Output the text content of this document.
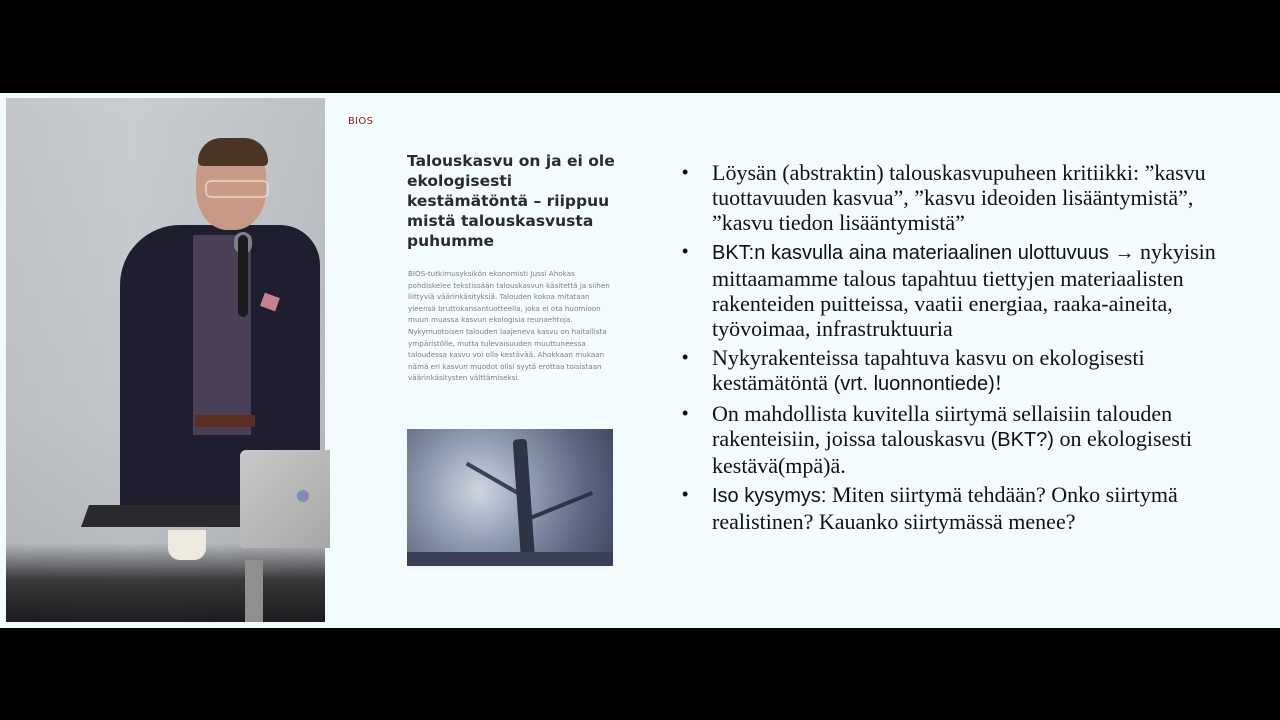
BIOS
Talouskasvu on ja ei ole ekologisesti kestämätöntä – riippuu mistä talouskasvusta puhumme
BIOS-tutkimusyksikön ekonomisti Jussi Ahokas pohdiskelee tekstissään talouskasvun käsitettä ja siihen liittyviä väärinkäsityksiä. Talouden kokoa mitataan yleensä bruttokansantuotteella, joka ei ota huomioon muun muassa kasvun ekologisia reunaehtoja. Nykymuotoisen talouden laajeneva kasvu on haitallista ympäristölle, mutta tulevaisuuden muuttuneessa taloudessa kasvu voi olla kestävää. Ahokkaan mukaan nämä eri kasvun muodot olisi syytä erottaa toisistaan väärinkäsitysten välttämiseksi.
• Löysän (abstraktin) talouskasvupuheen kritiikki: ”kasvu tuottavuuden kasvua”, ”kasvu ideoiden lisääntymistä”, ”kasvu tiedon lisääntymistä”
• BKT:n kasvulla aina materiaalinen ulottuvuus → nykyisin mittaamamme talous tapahtuu tiettyjen materiaalisten rakenteiden puitteissa, vaatii energiaa, raaka-aineita, työvoimaa, infrastruktuuria
• Nykyrakenteissa tapahtuva kasvu on ekologisesti kestämätöntä (vrt. luonnontiede)!
• On mahdollista kuvitella siirtymä sellaisiin talouden rakenteisiin, joissa talouskasvu (BKT?) on ekologisesti kestävä(mpä)ä.
• Iso kysymys: Miten siirtymä tehdään? Onko siirtymä realistinen? Kauanko siirtymässä menee?
